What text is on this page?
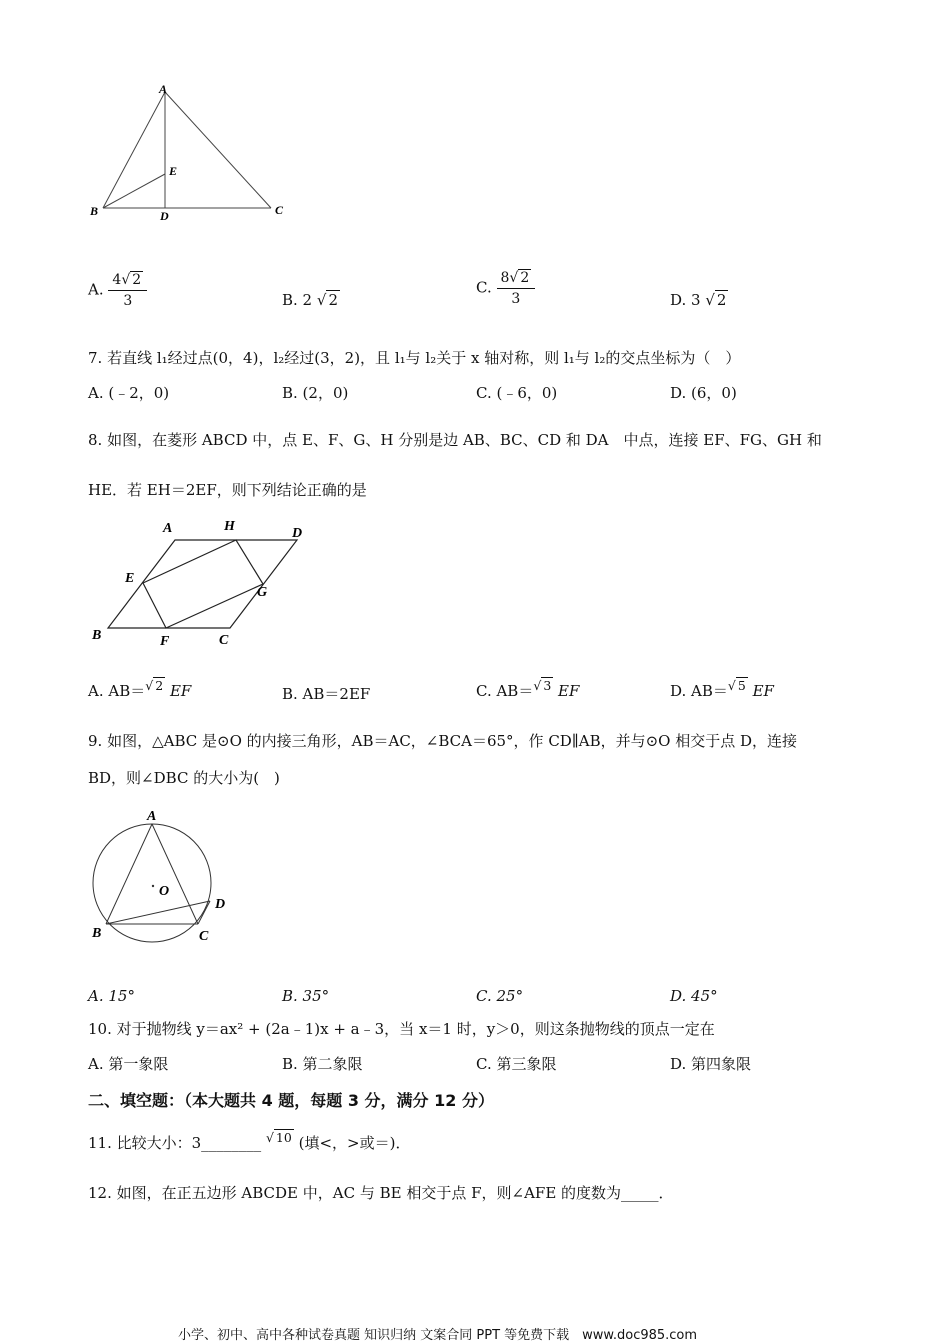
A
E
B	D	C
A. $\frac{4√ 2}{3}$	B. 2 √ 2
C. $\frac{8√ 2}{3}$	D. 3 √ 2
7. 若直线 l₁经过点(0，4)，l₂经过(3，2)，且 l₁与 l₂关于 x 轴对称，则 l₁与 l₂的交点坐标为（　）
A. (﹣2，0)	B. (2，0)	C. (﹣6，0)	D. (6，0)
8. 如图，在菱形 ABCD 中，点 E、F、G、H 分别是边 AB、BC、CD 和 DA　中点，连接 EF、FG、GH 和
HE．若 EH＝2EF，则下列结论正确的是
A	H	D
E
G
B	F	C
A. AB＝$^{√ 2}$ EF	B. AB＝2EF	C. AB＝$^{√ 3}$ EF	D. AB＝$^{√ 5}$ EF
9. 如图，△ABC 是⊙O 的内接三角形，AB＝AC，∠BCA＝65°，作 CD∥AB，并与⊙O 相交于点 D，连接
BD，则∠DBC 的大小为(　)
A
O
D
B	C
A. 15°	B. 35°	C. 25°	D. 45°
10. 对于抛物线 y＝ax² + (2a﹣1)x + a﹣3，当 x＝1 时，y＞0，则这条抛物线的顶点一定在
A. 第一象限	B. 第二象限	C. 第三象限	D. 第四象限
二、填空题：（本大题共 4 题，每题 3 分，满分 12 分）
11. 比较大小：3________ $^{√ 10}$ (填<，>或＝)．
12. 如图，在正五边形 ABCDE 中，AC 与 BE 相交于点 F，则∠AFE 的度数为_____．
小学、初中、高中各种试卷真题 知识归纳 文案合同 PPT 等免费下载　www.doc985.com
